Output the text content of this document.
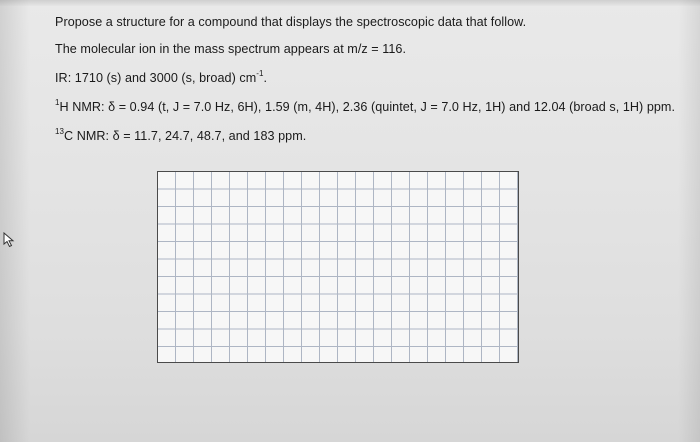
Propose a structure for a compound that displays the spectroscopic data that follow.
The molecular ion in the mass spectrum appears at m/z = 116.
IR: 1710 (s) and 3000 (s, broad) $cm^{-1}$.
$^1$H NMR: δ = 0.94 (t, J = 7.0 Hz, 6H), 1.59 (m, 4H), 2.36 (quintet, J = 7.0 Hz, 1H) and 12.04 (broad s, 1H) ppm.
$^{13}$C NMR: δ = 11.7, 24.7, 48.7, and 183 ppm.
